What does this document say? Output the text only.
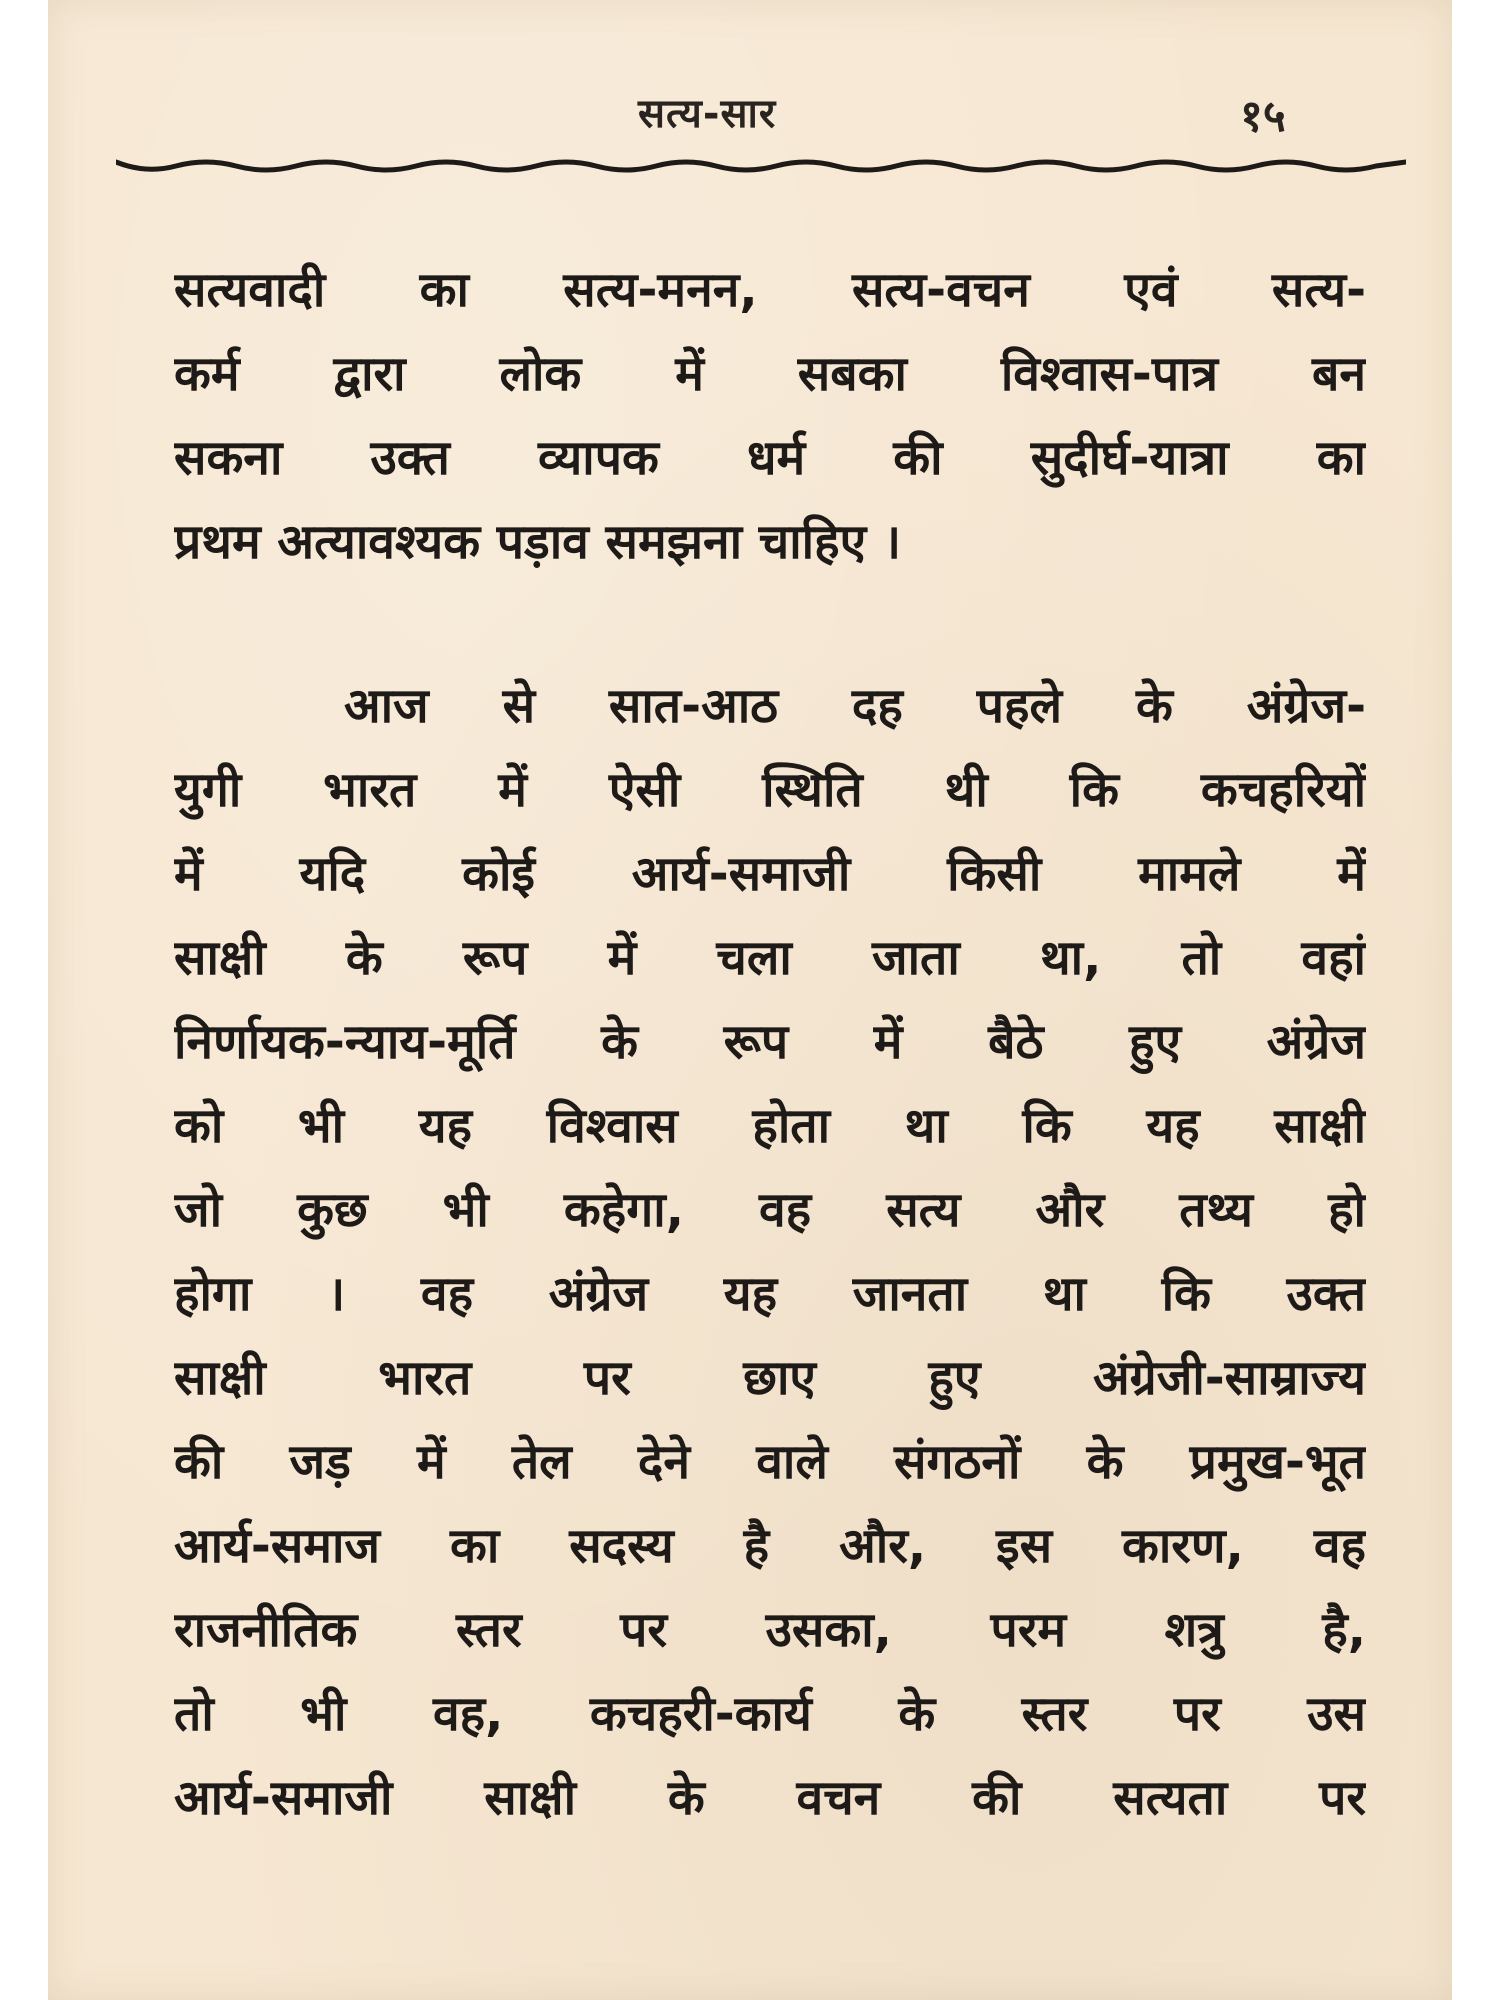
सत्य-सार	१५
सत्यवादी का सत्य-मनन, सत्य-वचन एवं सत्य-
कर्म द्वारा लोक में सबका विश्वास-पात्र बन
सकना उक्त व्यापक धर्म की सुदीर्घ-यात्रा का
प्रथम अत्यावश्यक पड़ाव समझना चाहिए ।
आज से सात-आठ दह पहले के अंग्रेज-
युगी भारत में ऐसी स्थिति थी कि कचहरियों
में यदि कोई आर्य-समाजी किसी मामले में
साक्षी के रूप में चला जाता था, तो वहां
निर्णायक-न्याय-मूर्ति के रूप में बैठे हुए अंग्रेज
को भी यह विश्वास होता था कि यह साक्षी
जो कुछ भी कहेगा, वह सत्य और तथ्य हो
होगा । वह अंग्रेज यह जानता था कि उक्त
साक्षी भारत पर छाए हुए अंग्रेजी-साम्राज्य
की जड़ में तेल देने वाले संगठनों के प्रमुख-भूत
आर्य-समाज का सदस्य है और, इस कारण, वह
राजनीतिक स्तर पर उसका, परम शत्रु है,
तो भी वह, कचहरी-कार्य के स्तर पर उस
आर्य-समाजी साक्षी के वचन की सत्यता पर
